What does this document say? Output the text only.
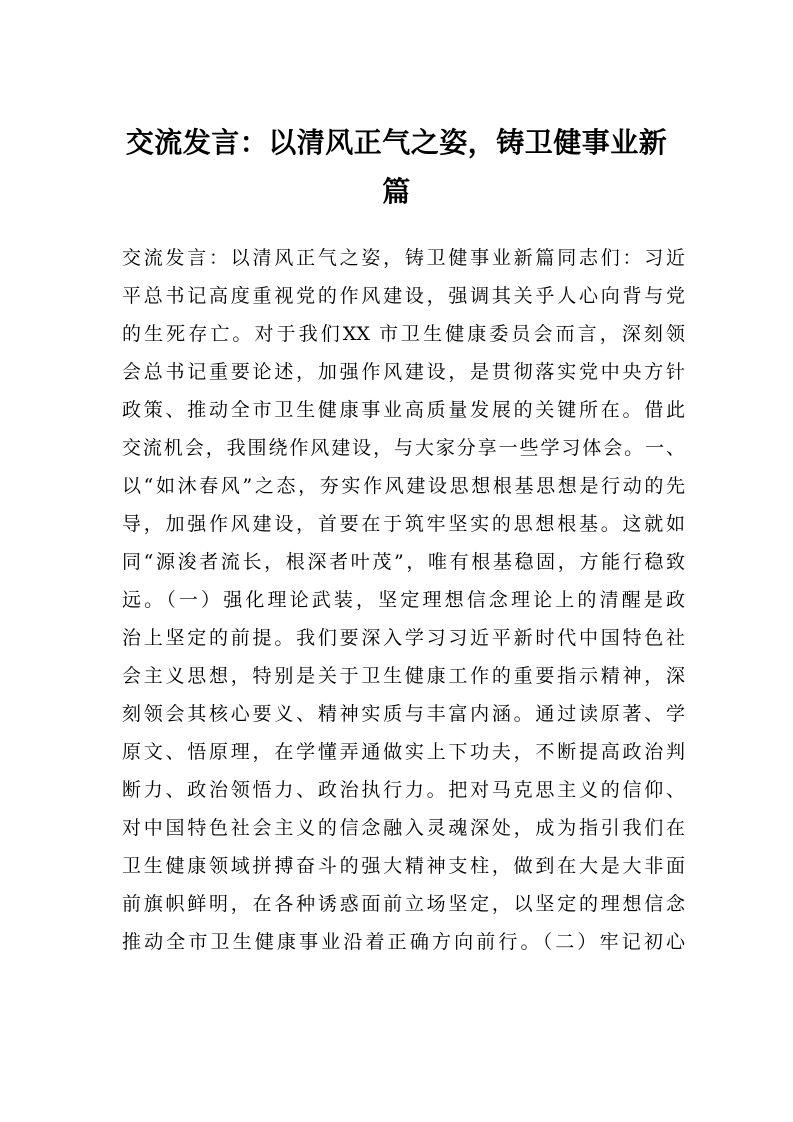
交流发言：以清风正气之姿，铸卫健事业新
篇
交流发言：以清风正气之姿，铸卫健事业新篇同志们：习近
平总书记高度重视党的作风建设，强调其关乎人心向背与党
的生死存亡。对于我们XX 市卫生健康委员会而言，深刻领
会总书记重要论述，加强作风建设，是贯彻落实党中央方针
政策、推动全市卫生健康事业高质量发展的关键所在。借此
交流机会，我围绕作风建设，与大家分享一些学习体会。一、
以“如沐春风”之态，夯实作风建设思想根基思想是行动的先
导，加强作风建设，首要在于筑牢坚实的思想根基。这就如
同“源浚者流长，根深者叶茂”，唯有根基稳固，方能行稳致
远。（一）强化理论武装，坚定理想信念理论上的清醒是政
治上坚定的前提。我们要深入学习习近平新时代中国特色社
会主义思想，特别是关于卫生健康工作的重要指示精神，深
刻领会其核心要义、精神实质与丰富内涵。通过读原著、学
原文、悟原理，在学懂弄通做实上下功夫，不断提高政治判
断力、政治领悟力、政治执行力。把对马克思主义的信仰、
对中国特色社会主义的信念融入灵魂深处，成为指引我们在
卫生健康领域拼搏奋斗的强大精神支柱，做到在大是大非面
前旗帜鲜明，在各种诱惑面前立场坚定，以坚定的理想信念
推动全市卫生健康事业沿着正确方向前行。（二）牢记初心
